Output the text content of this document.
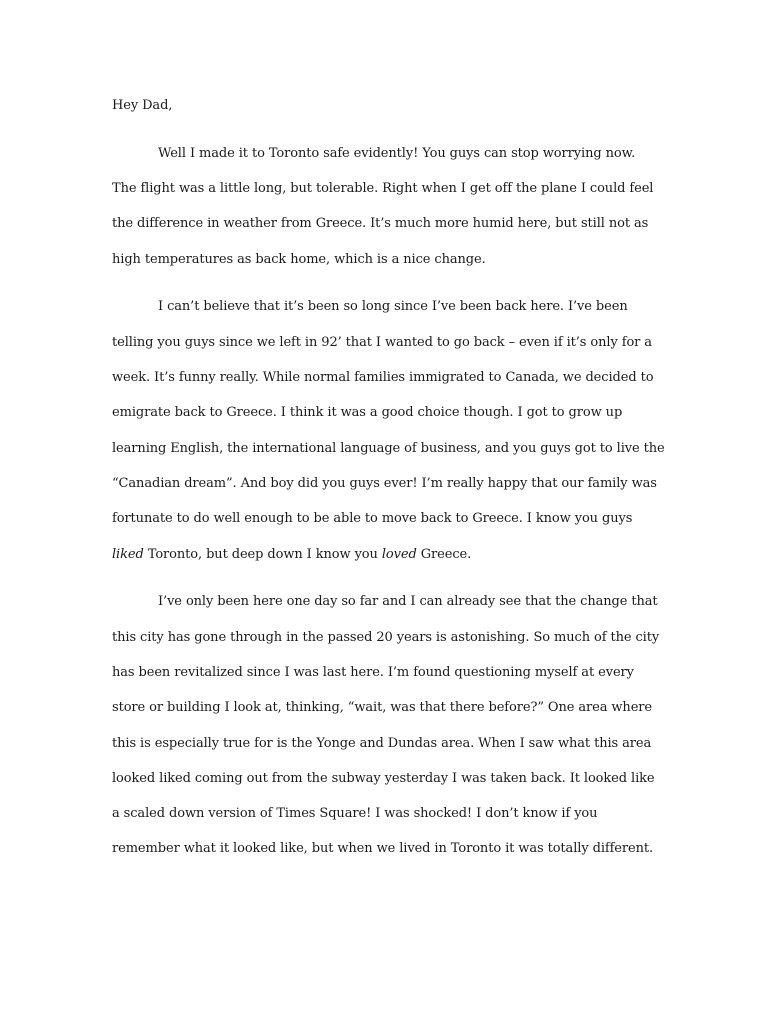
Hey Dad,
Well I made it to Toronto safe evidently! You guys can stop worrying now.
The flight was a little long, but tolerable. Right when I get off the plane I could feel
the difference in weather from Greece. It’s much more humid here, but still not as
high temperatures as back home, which is a nice change.
I can’t believe that it’s been so long since I’ve been back here. I’ve been
telling you guys since we left in 92’ that I wanted to go back – even if it’s only for a
week. It’s funny really. While normal families immigrated to Canada, we decided to
emigrate back to Greece. I think it was a good choice though. I got to grow up
learning English, the international language of business, and you guys got to live the
“Canadian dream”. And boy did you guys ever! I’m really happy that our family was
fortunate to do well enough to be able to move back to Greece. I know you guys
liked Toronto, but deep down I know you loved Greece.
I’ve only been here one day so far and I can already see that the change that
this city has gone through in the passed 20 years is astonishing. So much of the city
has been revitalized since I was last here. I’m found questioning myself at every
store or building I look at, thinking, “wait, was that there before?” One area where
this is especially true for is the Yonge and Dundas area. When I saw what this area
looked liked coming out from the subway yesterday I was taken back. It looked like
a scaled down version of Times Square! I was shocked! I don’t know if you
remember what it looked like, but when we lived in Toronto it was totally different.
